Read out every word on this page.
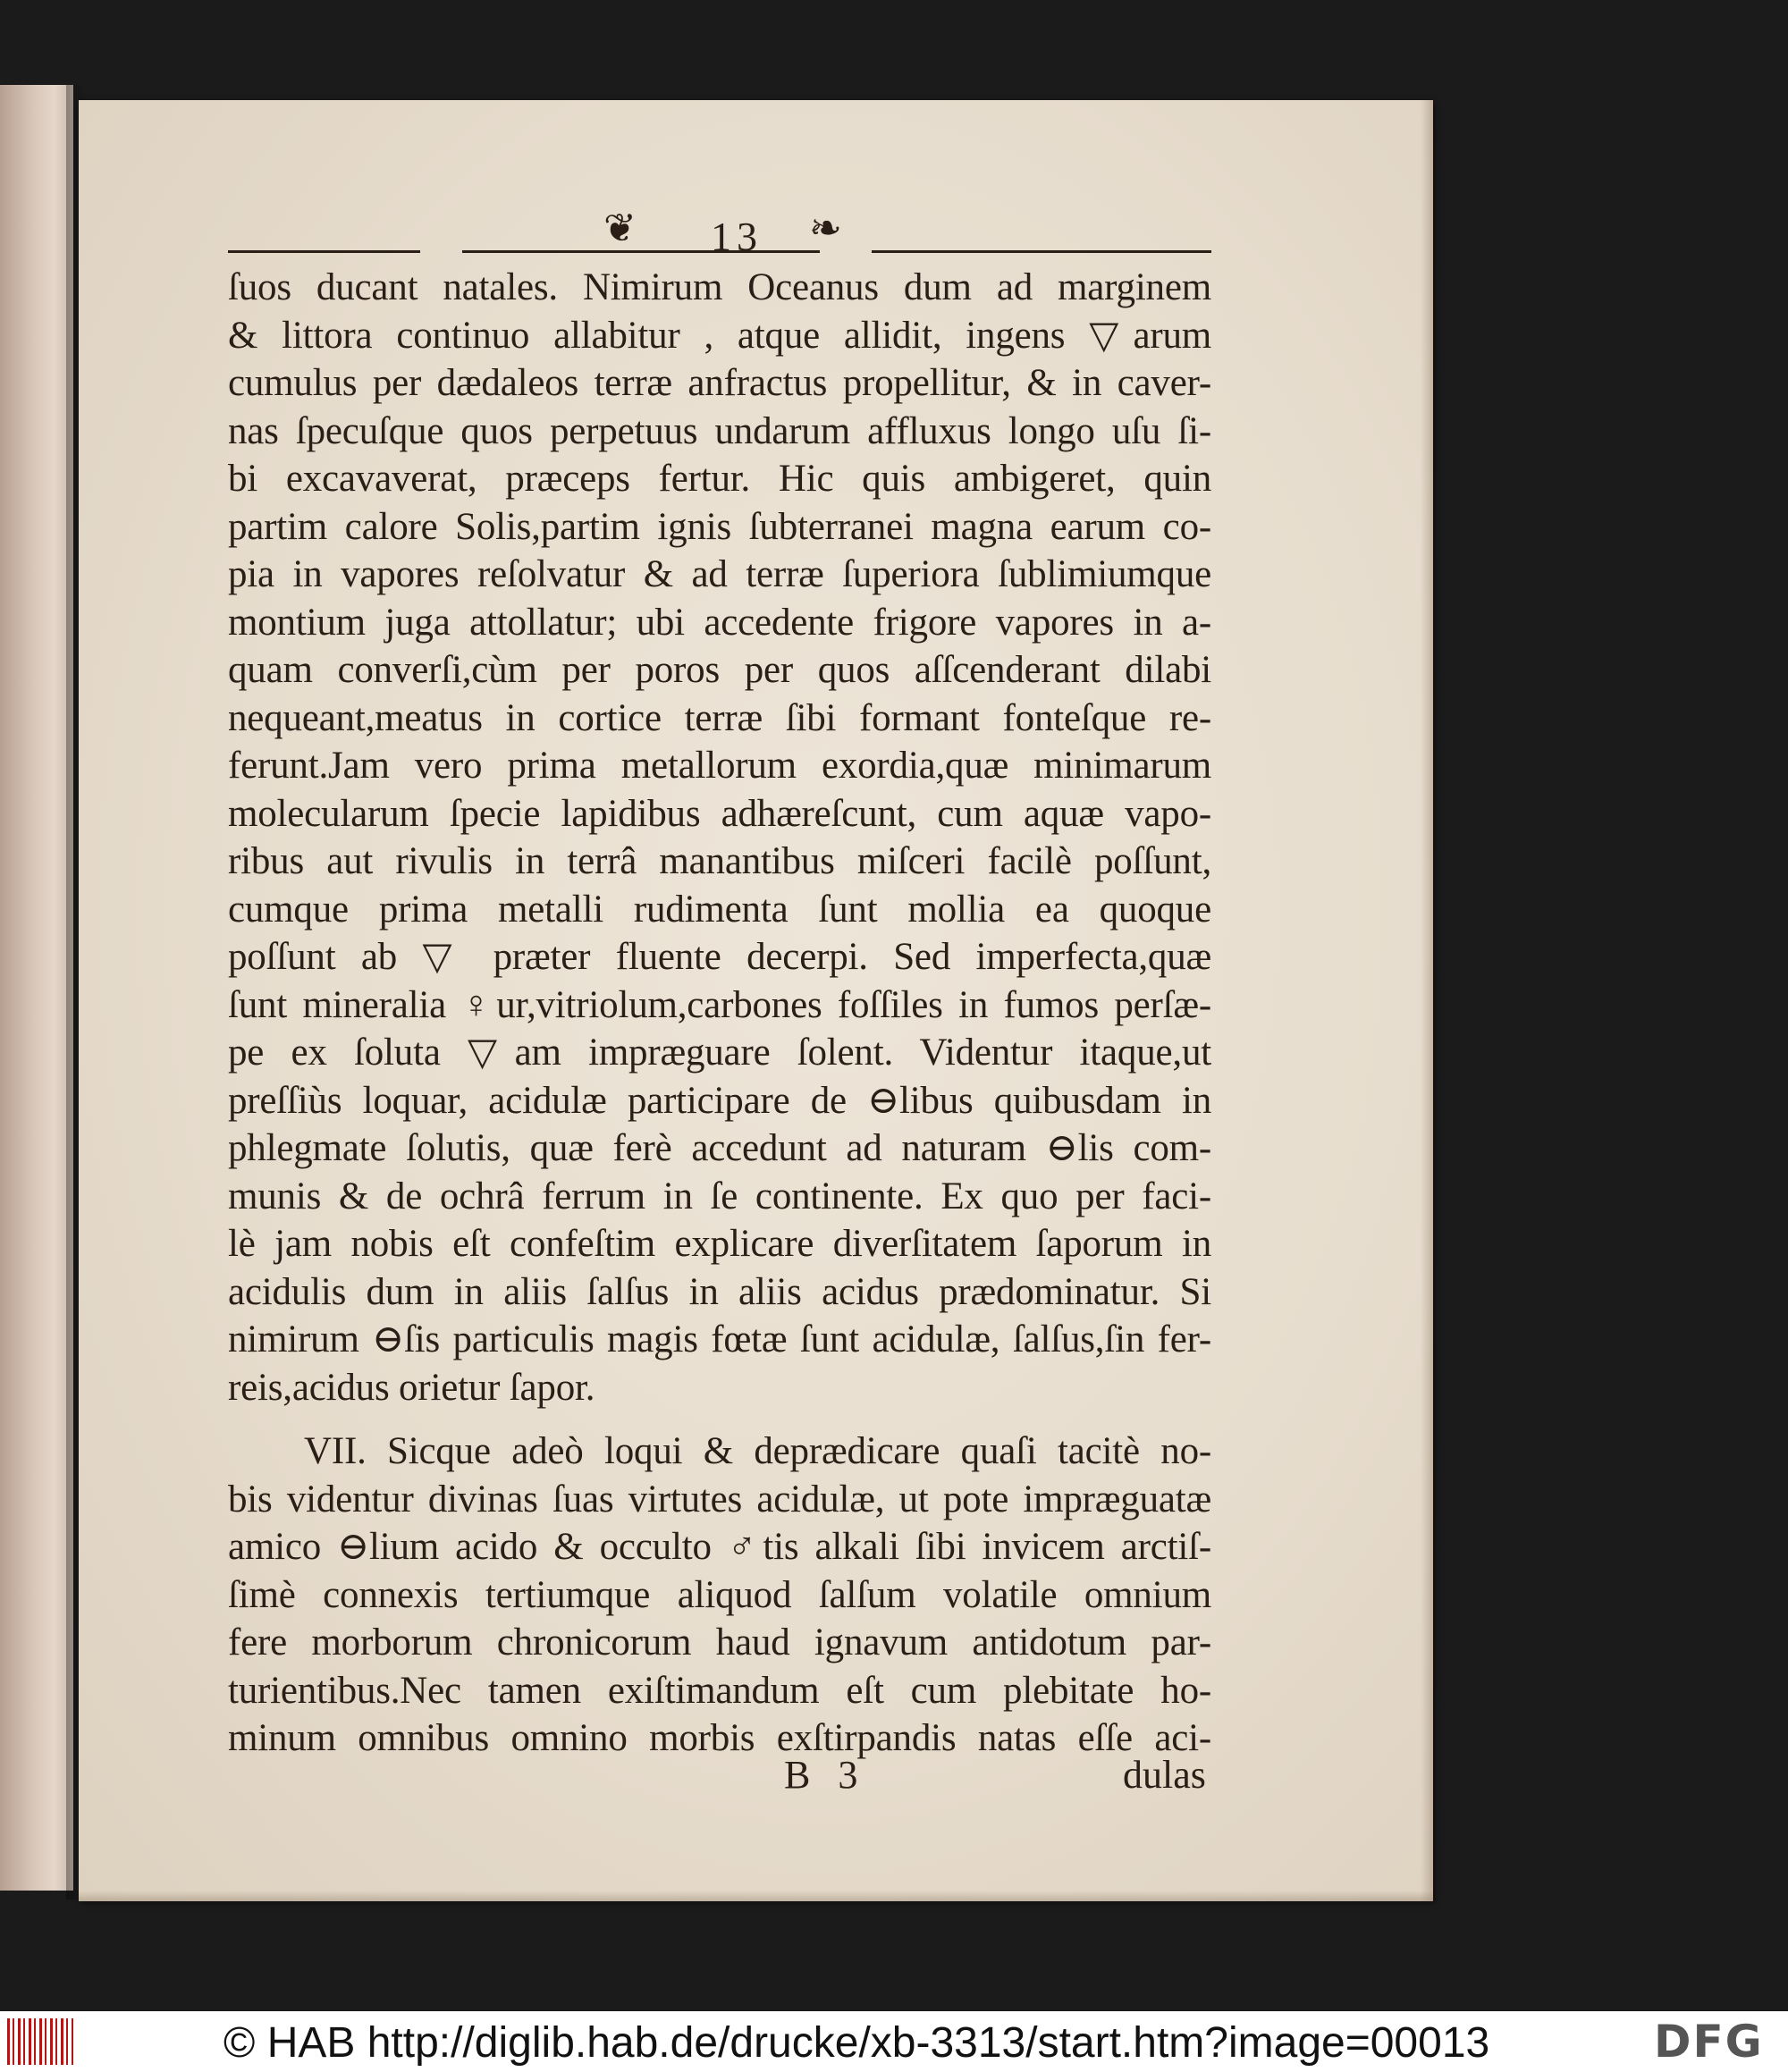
❦ 13 ❧
ſuos ducant natales. Nimirum Oceanus dum ad marginem
& littora continuo allabitur , atque allidit, ingens ▽arum
cumulus per dædaleos terræ anfractus propellitur, & in caver-
nas ſpecuſque quos perpetuus undarum affluxus longo uſu ſi-
bi excavaverat, præceps fertur. Hic quis ambigeret, quin
partim calore Solis,partim ignis ſubterranei magna earum co-
pia in vapores reſolvatur & ad terræ ſuperiora ſublimiumque
montium juga attollatur; ubi accedente frigore vapores in a-
quam converſi,cùm per poros per quos aſſcenderant dilabi
nequeant,meatus in cortice terræ ſibi formant fonteſque re-
ferunt.Jam vero prima metallorum exordia,quæ minimarum
molecularum ſpecie lapidibus adhæreſcunt, cum aquæ vapo-
ribus aut rivulis in terrâ manantibus miſceri facilè poſſunt,
cumque prima metalli rudimenta ſunt mollia ea quoque
poſſunt ab ▽ præter fluente decerpi. Sed imperfecta,quæ
ſunt mineralia ♀ur,vitriolum,carbones foſſiles in fumos perſæ-
pe ex ſoluta ▽am impræguare ſolent. Videntur itaque,ut
preſſiùs loquar, acidulæ participare de ⊖libus quibusdam in
phlegmate ſolutis, quæ ferè accedunt ad naturam ⊖lis com-
munis & de ochrâ ferrum in ſe continente. Ex quo per faci-
lè jam nobis eſt confeſtim explicare diverſitatem ſaporum in
acidulis dum in aliis ſalſus in aliis acidus prædominatur. Si
nimirum ⊖ſis particulis magis fœtæ ſunt acidulæ, ſalſus,ſin fer-
reis,acidus orietur ſapor.
VII. Sicque adeò loqui & deprædicare quaſi tacitè no-
bis videntur divinas ſuas virtutes acidulæ, ut pote impræguatæ
amico ⊖lium acido & occulto ♂tis alkali ſibi invicem arctiſ-
ſimè connexis tertiumque aliquod ſalſum volatile omnium
fere morborum chronicorum haud ignavum antidotum par-
turientibus.Nec tamen exiſtimandum eſt cum plebitate ho-
minum omnibus omnino morbis exſtirpandis natas eſſe aci-
B 3	dulas
© HAB http://diglib.hab.de/drucke/xb-3313/start.htm?image=00013	DFG
